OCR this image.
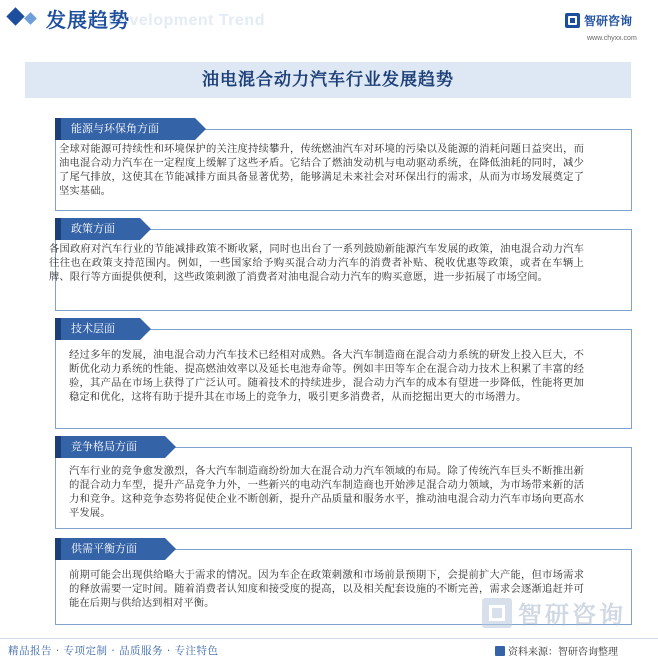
Development Trend
发展趋势	智研咨询
www.chyxx.com
油电混合动力汽车行业发展趋势
能源与环保角方面
全球对能源可持续性和环境保护的关注度持续攀升，传统燃油汽车对环境的污染以及能源的消耗问题日益突出，而油电混合动力汽车在一定程度上缓解了这些矛盾。它结合了燃油发动机与电动驱动系统，在降低油耗的同时，减少了尾气排放，这使其在节能减排方面具备显著优势，能够满足未来社会对环保出行的需求，从而为市场发展奠定了坚实基础。
政策方面
各国政府对汽车行业的节能减排政策不断收紧，同时也出台了一系列鼓励新能源汽车发展的政策，油电混合动力汽车往往也在政策支持范围内。例如，一些国家给予购买混合动力汽车的消费者补贴、税收优惠等政策，或者在车辆上牌、限行等方面提供便利，这些政策刺激了消费者对油电混合动力汽车的购买意愿，进一步拓展了市场空间。
技术层面
经过多年的发展，油电混合动力汽车技术已经相对成熟。各大汽车制造商在混合动力系统的研发上投入巨大，不断优化动力系统的性能、提高燃油效率以及延长电池寿命等。例如丰田等车企在混合动力技术上积累了丰富的经验，其产品在市场上获得了广泛认可。随着技术的持续进步，混合动力汽车的成本有望进一步降低，性能将更加稳定和优化，这将有助于提升其在市场上的竞争力，吸引更多消费者，从而挖掘出更大的市场潜力。
竞争格局方面
汽车行业的竞争愈发激烈，各大汽车制造商纷纷加大在混合动力汽车领域的布局。除了传统汽车巨头不断推出新的混合动力车型，提升产品竞争力外，一些新兴的电动汽车制造商也开始涉足混合动力领域，为市场带来新的活力和竞争。这种竞争态势将促使企业不断创新，提升产品质量和服务水平，推动油电混合动力汽车市场向更高水平发展。
供需平衡方面
前期可能会出现供给略大于需求的情况。因为车企在政策刺激和市场前景预期下，会提前扩大产能，但市场需求的释放需要一定时间。随着消费者认知度和接受度的提高，以及相关配套设施的不断完善，需求会逐渐追赶并可能在后期与供给达到相对平衡。	智研咨询
精品报告 · 专项定制 · 品质服务 · 专注特色	资料来源：智研咨询整理
